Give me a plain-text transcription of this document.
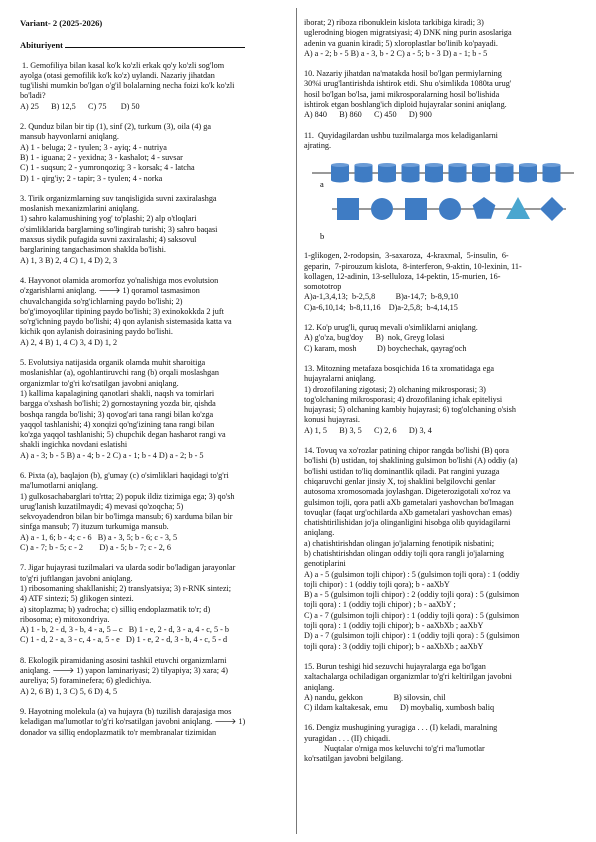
Variant- 2 (2025-2026)
Abituriyent
1. Gemofiliya bilan kasal ko'k ko'zli erkak qo'y ko'zli sog'lom
ayolga (otasi gemofilik ko'k ko'z) uylandi. Nazariy jihatdan
tug'ilishi mumkin bo'lgan o'g'il bolalarning necha foizi ko'k ko'zli
bo'ladi?
A) 25      B) 12,5      C) 75       D) 50
2. Qunduz bilan bir tip (1), sinf (2), turkum (3), oila (4) ga
mansub hayvonlarni aniqlang.
A) 1 - beluga; 2 - tyulen; 3 - ayiq; 4 - nutriya
B) 1 - iguana; 2 - yexidna; 3 - kashalot; 4 - suvsar
C) 1 - suqsun; 2 - yumronqoziq; 3 - korsak; 4 - latcha
D) 1 - qirg'iy; 2 - tapir; 3 - tyulen; 4 - norka
3. Tirik organizmlarning suv tanqisligida suvni zaxiralashga
moslanish mexanizmlarini aniqlang.
1) sahro kalamushining yog' to'plashi; 2) alp o'tloqlari
o'simliklarida barglarning so'lingirab turishi; 3) sahro baqasi
maxsus siydik pufagida suvni zaxiralashi; 4) saksovul
barglarining tangachasimon shaklda bo'lishi.
A) 1, 3 B) 2, 4 C) 1, 4 D) 2, 3
4. Hayvonot olamida aromorfoz yo'nalishiga mos evolutsion
o'zgarishlarni aniqlang. 🡒 1) qoramol tasmasimon
chuvalchangida so'rg'ichlarning paydo bo'lishi; 2)
bo'g'imoyoqlilar tipining paydo bo'lishi; 3) exinokokkda 2 juft
so'rg'ichning paydo bo'lishi; 4) qon aylanish sistemasida katta va
kichik qon aylanish doirasining paydo bo'lishi.
A) 2, 4 B) 1, 4 C) 3, 4 D) 1, 2
5. Evolutsiya natijasida organik olamda muhit sharoitiga
moslanishlar (a), ogohlantiruvchi rang (b) orqali moslashgan
organizmlar to'g'ri ko'rsatilgan javobni aniqlang.
1) kallima kapalagining qanotlari shakli, naqsh va tomirlari
bargga o'xshash bo'lishi; 2) gornostayning yozda bir, qishda
boshqa rangda bo'lishi; 3) qovog'ari tana rangi bilan ko'zga
yaqqol tashlanishi; 4) xonqizi qo'ng'izining tana rangi bilan
ko'zga yaqqol tashlanishi; 5) chupchik degan hasharot rangi va
shakli ingichka novdani eslatishi
A) a - 3; b - 5 B) a - 4; b - 2 C) a - 1; b - 4 D) a - 2; b - 5
6. Pixta (a), baqlajon (b), g'umay (c) o'simliklari haqidagi to'g'ri
ma'lumotlarni aniqlang.
1) gulkosachabarglari to'rtta; 2) popuk ildiz tizimiga ega; 3) qo'sh
urug'lanish kuzatilmaydi; 4) mevasi qo'zoqcha; 5)
sekvoyadendron bilan bir bo'limga mansub; 6) xarduma bilan bir
sinfga mansub; 7) ituzum turkumiga mansub.
A) a - 1, 6; b - 4; c - 6   B) a - 3, 5; b - 6; c - 3, 5
C) a - 7; b - 5; c - 2        D) a - 5; b - 7; c - 2, 6
7. Jigar hujayrasi tuzilmalari va ularda sodir bo'ladigan jarayonlar
to'g'ri juftlangan javobni aniqlang.
1) ribosomaning shakllanishi; 2) translyatsiya; 3) r-RNK sintezi;
4) ATF sintezi; 5) glikogen sintezi.
a) sitoplazma; b) yadrocha; c) silliq endoplazmatik to'r; d)
ribosoma; e) mitoxondriya.
A) 1 - b, 2 - d, 3 - b, 4 - a, 5 – c   B) 1 - e, 2 - d, 3 - a, 4 - c, 5 - b
C) 1 - d, 2 - a, 3 - c, 4 - a, 5 - e   D) 1 - e, 2 - d, 3 - b, 4 - c, 5 - d
8. Ekologik piramidaning asosini tashkil etuvchi organizmlarni
aniqlang. 🡒 1) yapon laminariyasi; 2) tilyapiya; 3) xara; 4)
aureliya; 5) foraminefera; 6) gledichiya.
A) 2, 6 B) 1, 3 C) 5, 6 D) 4, 5
9. Hayotning molekula (a) va hujayra (b) tuzilish darajasiga mos
keladigan ma'lumotlar to'g'ri ko'rsatilgan javobni aniqlang. 🡒 1)
donador va silliq endoplazmatik to'r membranalar tizimidan
iborat; 2) riboza ribonuklein kislota tarkibiga kiradi; 3)
uglerodning biogen migratsiyasi; 4) DNK ning purin asoslariga
adenin va guanin kiradi; 5) xloroplastlar bo'linib ko'payadi.
A) a - 2; b - 5 B) a - 3, b - 2 C) a - 5; b - 3 D) a - 1; b - 5
10. Nazariy jihatdan na'matakda hosil bo'lgan permiylarning
30%i urug'lantirishda ishtirok etdi. Shu o'simlikda 1080ta urug'
hosil bo'lgan bo'lsa, jami mikrosporalarning hosil bo'lishida
ishtirok etgan boshlang'ich diploid hujayralar sonini aniqlang.
A) 840      B) 860      C) 450      D) 900
11.  Quyidagilardan ushbu tuzilmalarga mos keladiganlarni
ajrating.
a
b
1-glikogen, 2-rodopsin,  3-saxaroza,  4-kraxmal,  5-insulin,  6-
geparin,  7-pirouzum kislota,  8-interferon, 9-aktin, 10-lexinin, 11-
kollagen, 12-adinin, 13-selluloza, 14-pektin, 15-murien, 16-
somototrop
A)a-1,3,4,13;  b-2,5,8          B)a-14,7;  b-8,9,10
C)a-6,10,14;  b-8,11,16    D)a-2,5,8;  b-4,14,15
12. Ko'p urug'li, quruq mevali o'simliklarni aniqlang.
A) g'o'za, bug'doy      B)  nok, Greyg lolasi
C) karam, mosh          D) boychechak, qayrag'och
13. Mitozning metafaza bosqichida 16 ta xromatidaga ega
hujayralarni aniqlang.
1) drozofilaning zigotasi; 2) olchaning mikrosporasi; 3)
tog'olchaning mikrosporasi; 4) drozofilaning ichak epiteliysi
hujayrasi; 5) olchaning kambiy hujayrasi; 6) tog'olchaning o'sish
konusi hujayrasi.
A) 1, 5      B) 3, 5      C) 2, 6      D) 3, 4
14. Tovuq va xo'rozlar patining chipor rangda bo'lishi (B) qora
bo'lishi (b) ustidan, toj shaklining gulsimon bo'lishi (A) oddiy (a)
bo'lishi ustidan to'liq dominantlik qiladi. Pat rangini yuzaga
chiqaruvchi genlar jinsiy X, toj shaklini belgilovchi genlar
autosoma xromosomada joylashgan. Digeterozigotali xo'roz va
gulsimon tojli, qora patli aXb gametalari yashovchan bo'lmagan
tovuqlar (faqat urg'ochilarda aXb gametalari yashovchan emas)
chatishtirilishidan jo'ja olinganligini hisobga olib quyidagilarni
aniqlang.
a) chatishtirishdan olingan jo'jalarning fenotipik nisbatini;
b) chatishtirishdan olingan oddiy tojli qora rangli jo'jalarning
genotiplarini
A) a - 5 (gulsimon tojli chipor) : 5 (gulsimon tojli qora) : 1 (oddiy
tojli chipor) : 1 (oddiy tojli qora); b - aaXbY
B) a - 5 (gulsimon tojli chipor) : 2 (oddiy tojli qora) : 5 (gulsimon
tojli qora) : 1 (oddiy tojli chipor) ; b - aaXbY ;
C) a - 7 (gulsimon tojli chipor) : 1 (oddiy tojli qora) : 5 (gulsimon
tojli qora) : 1 (oddiy tojli chipor); b - aaXbXb ; aaXbY
D) a - 7 (gulsimon tojli chipor) : 1 (oddiy tojli qora) : 5 (gulsimon
tojli qora) : 3 (oddiy tojli chipor); b - aaXbXb ; aaXbY
15. Burun teshigi hid sezuvchi hujayralarga ega bo'lgan
xaltachalarga ochiladigan organizmlar to'g'ri keltirilgan javobni
aniqlang.
A) nandu, gekkon               B) silovsin, chil
C) ildam kaltakesak, emu      D) moybaliq, xumbosh baliq
16. Dengiz mushugining yuragiga . . . (I) keladi, maralning
yuragidan . . . (II) chiqadi.
Nuqtalar o'rniga mos keluvchi to'g'ri ma'lumotlar
ko'rsatilgan javobni belgilang.
